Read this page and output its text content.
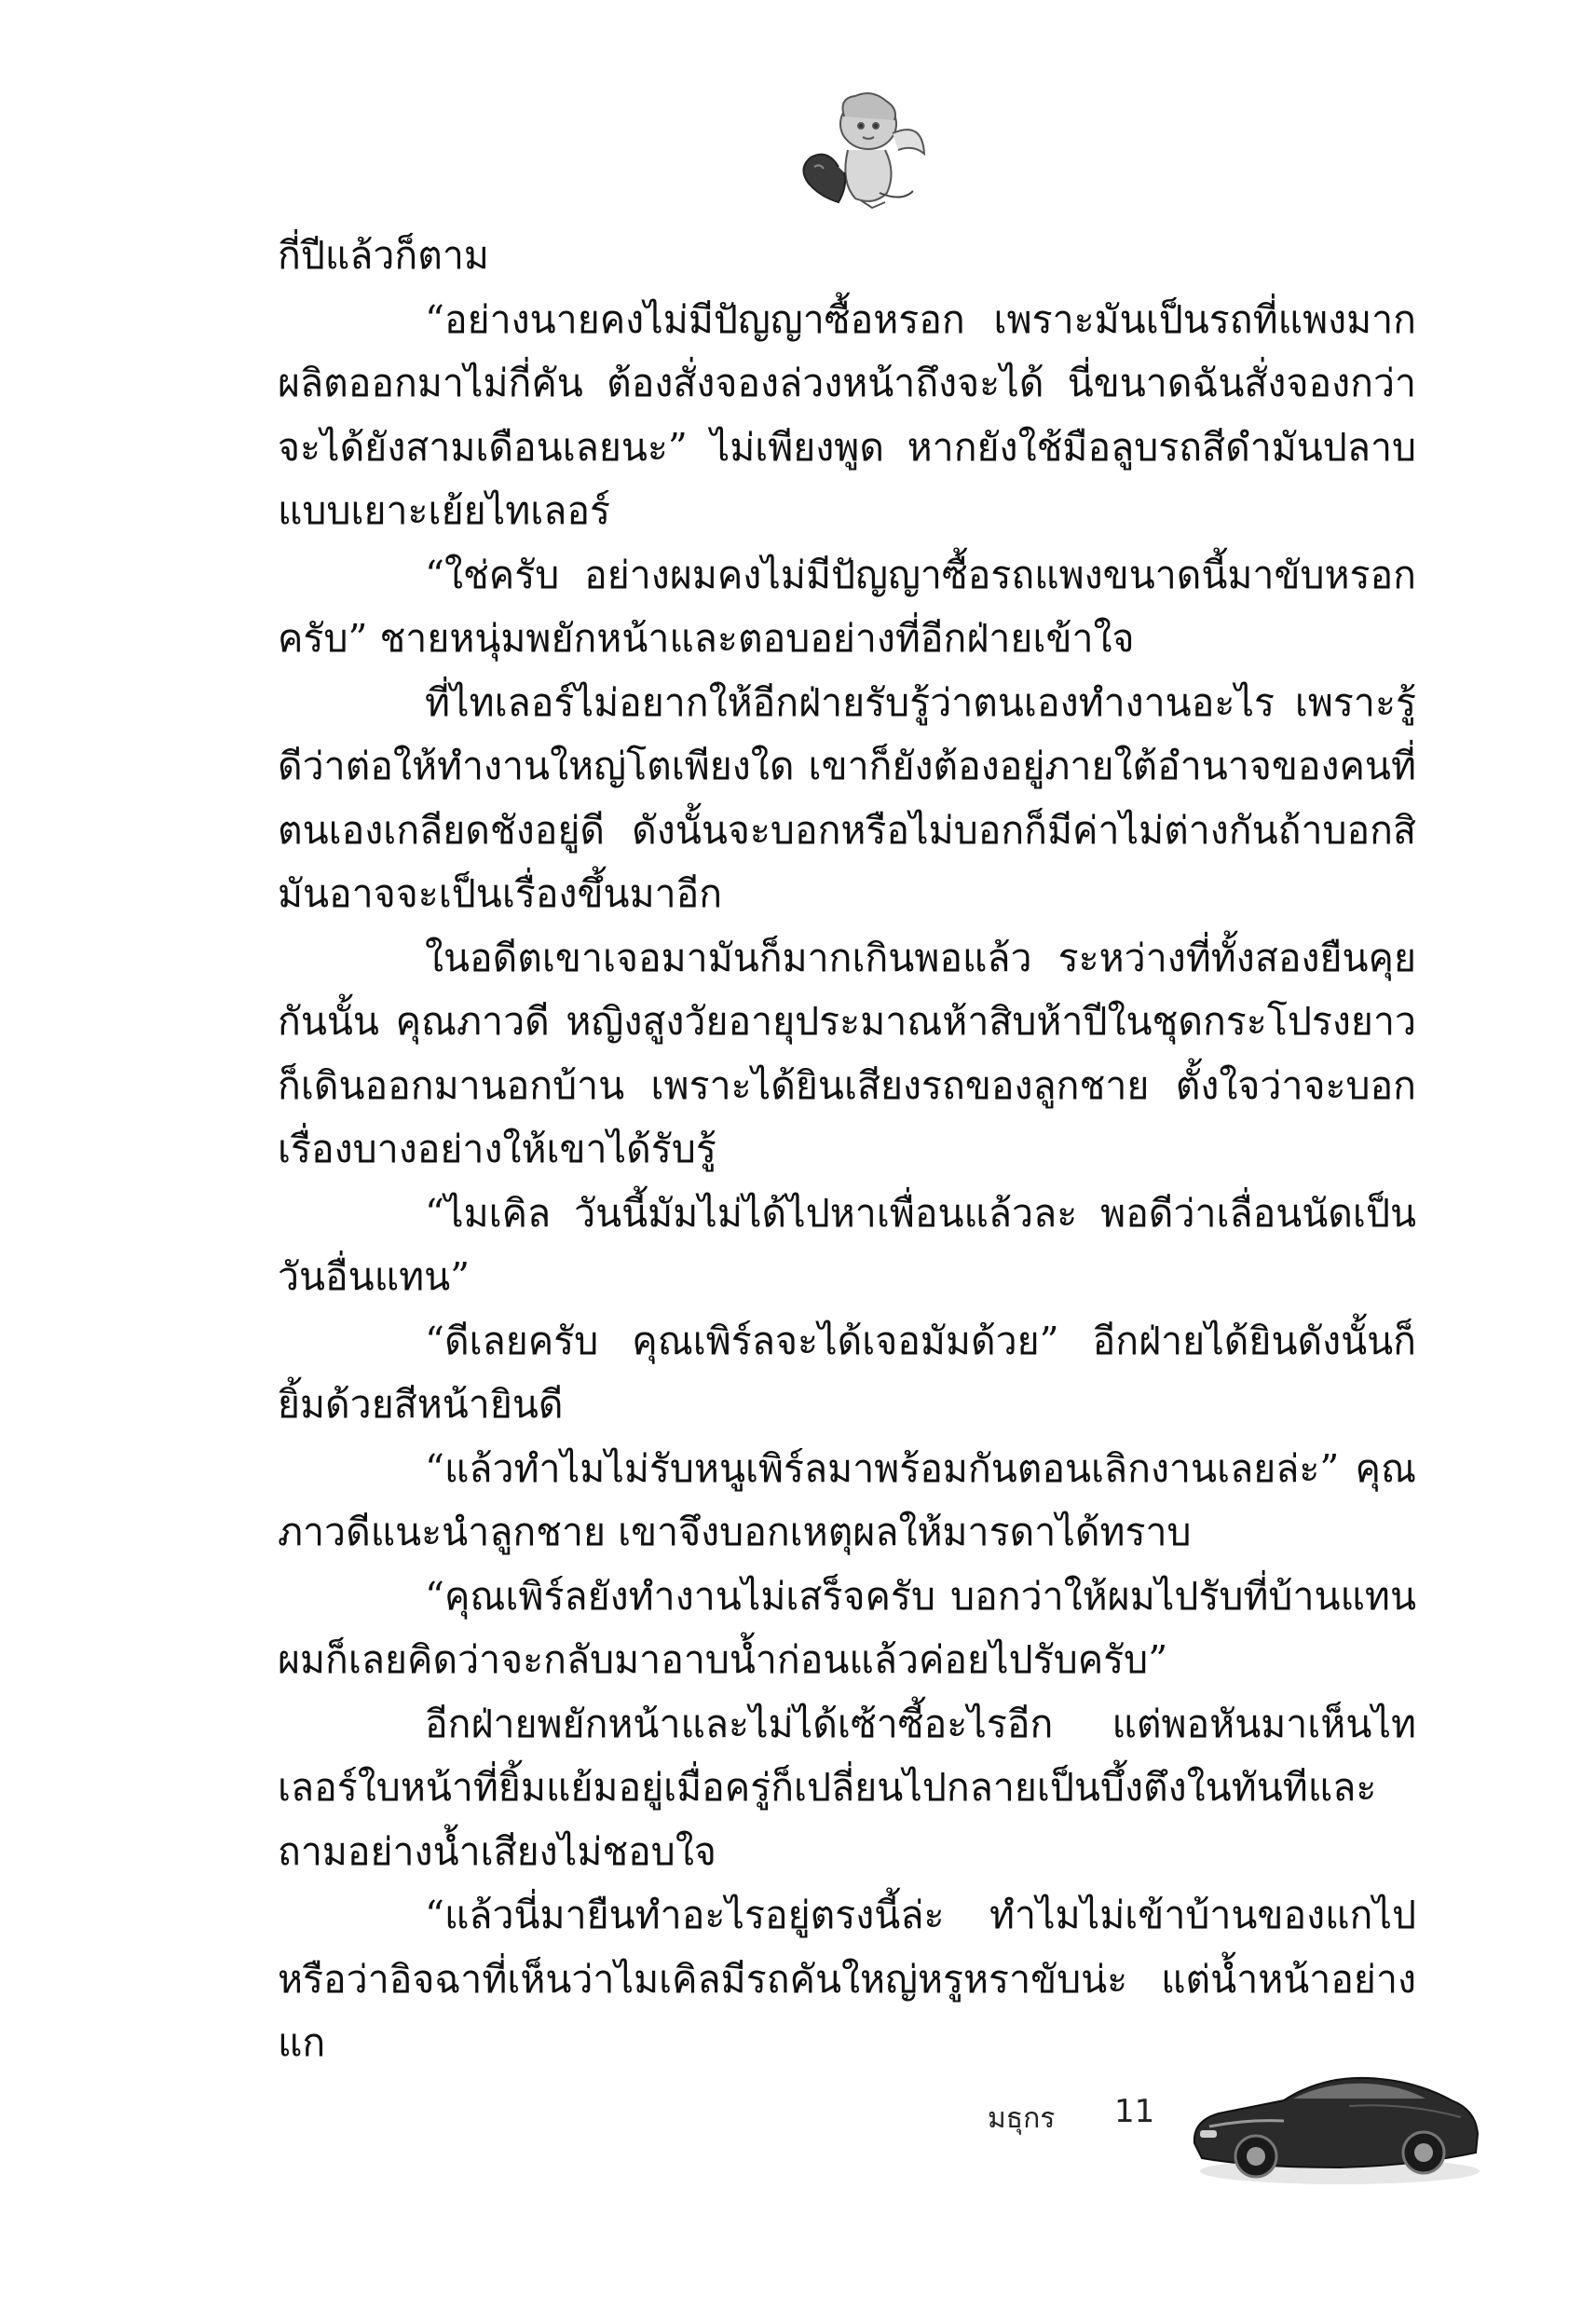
กี่ปีแล้วก็ตาม

“อย่างนายคงไม่มีปัญญาซื้อหรอก เพราะมันเป็นรถที่แพงมาก ผลิตออกมาไม่กี่คัน ต้องสั่งจองล่วงหน้าถึงจะได้ นี่ขนาดฉันสั่งจองกว่าจะได้ยังสามเดือนเลยนะ” ไม่เพียงพูด หากยังใช้มือลูบรถสีดำมันปลาบแบบเยาะเย้ยไทเลอร์

“ใช่ครับ อย่างผมคงไม่มีปัญญาซื้อรถแพงขนาดนี้มาขับหรอกครับ” ชายหนุ่มพยักหน้าและตอบอย่างที่อีกฝ่ายเข้าใจ

ที่ไทเลอร์ไม่อยากให้อีกฝ่ายรับรู้ว่าตนเองทำงานอะไร เพราะรู้ดีว่าต่อให้ทำงานใหญ่โตเพียงใด เขาก็ยังต้องอยู่ภายใต้อำนาจของคนที่ตนเองเกลียดชังอยู่ดี ดังนั้นจะบอกหรือไม่บอกก็มีค่าไม่ต่างกันถ้าบอกสิมันอาจจะเป็นเรื่องขึ้นมาอีก

ในอดีตเขาเจอมามันก็มากเกินพอแล้ว ระหว่างที่ทั้งสองยืนคุยกันนั้น คุณภาวดี หญิงสูงวัยอายุประมาณห้าสิบห้าปีในชุดกระโปรงยาวก็เดินออกมานอกบ้าน เพราะได้ยินเสียงรถของลูกชาย ตั้งใจว่าจะบอกเรื่องบางอย่างให้เขาได้รับรู้

“ไมเคิล วันนี้มัมไม่ได้ไปหาเพื่อนแล้วละ พอดีว่าเลื่อนนัดเป็นวันอื่นแทน”

“ดีเลยครับ คุณเพิร์ลจะได้เจอมัมด้วย” อีกฝ่ายได้ยินดังนั้นก็ยิ้มด้วยสีหน้ายินดี

“แล้วทำไมไม่รับหนูเพิร์ลมาพร้อมกันตอนเลิกงานเลยล่ะ” คุณภาวดีแนะนำลูกชาย เขาจึงบอกเหตุผลให้มารดาได้ทราบ

“คุณเพิร์ลยังทำงานไม่เสร็จครับ บอกว่าให้ผมไปรับที่บ้านแทน ผมก็เลยคิดว่าจะกลับมาอาบน้ำก่อนแล้วค่อยไปรับครับ”

อีกฝ่ายพยักหน้าและไม่ได้เซ้าซี้อะไรอีก แต่พอหันมาเห็นไทเลอร์ใบหน้าที่ยิ้มแย้มอยู่เมื่อครู่ก็เปลี่ยนไปกลายเป็นบึ้งตึงในทันทีและถามอย่างน้ำเสียงไม่ชอบใจ

“แล้วนี่มายืนทำอะไรอยู่ตรงนี้ล่ะ ทำไมไม่เข้าบ้านของแกไปหรือว่าอิจฉาที่เห็นว่าไมเคิลมีรถคันใหญ่หรูหราขับน่ะ แต่น้ำหน้าอย่างแก

มธุกร 11
